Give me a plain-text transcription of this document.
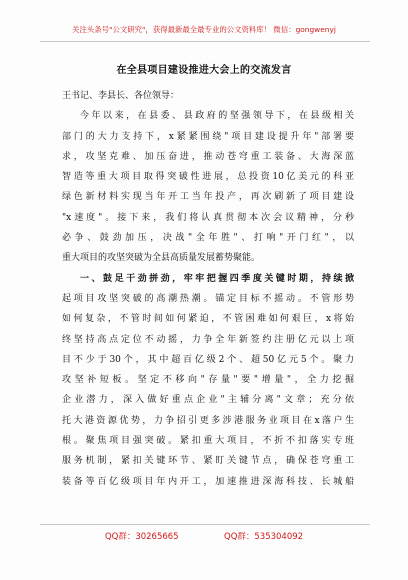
关注头条号"公文研究"，获得最新最全最专业的公文资料库！ 微信：gongwenyj
在全县项目建设推进大会上的交流发言
王书记、李县长、各位领导：
今年以来，在县委、县政府的坚强领导下，在县级相关
部门的大力支持下，x紧紧围绕"项目建设提升年"部署要
求，攻坚克难、加压奋进，推动苍穹重工装备、大海深蓝
智造等重大项目取得突破性进展，总投资10亿美元的科亚
绿色新材料实现当年开工当年投产，再次刷新了项目建设
"x速度"。接下来，我们将认真贯彻本次会议精神，分秒
必争、鼓劲加压，决战"全年胜"、打响"开门红"，以
重大项目的攻坚突破为全县高质量发展蓄势聚能。
一、鼓足干劲拼劲，牢牢把握四季度关键时期，持续掀
起项目攻坚突破的高潮热潮。锚定目标不摇动。不管形势
如何复杂，不管时间如何紧迫，不管困难如何艰巨，x将始
终坚持高点定位不动摇，力争全年新签约注册亿元以上项
目不少于30个，其中超百亿级2个、超50亿元5个。聚力
攻坚补短板。坚定不移向"存量"要"增量"，全力挖掘
企业潜力，深入做好重点企业"主辅分离"文章；充分依
托大港资源优势，力争招引更多涉港服务业项目在x落户生
根。聚焦项目强突破。紧扣重大项目，不折不扣落实专班
服务机制，紧扣关键环节、紧盯关键节点，确保苍穹重工
装备等百亿级项目年内开工，加速推进深海科技、长城船
QQ群：30265665	QQ群：535304092
